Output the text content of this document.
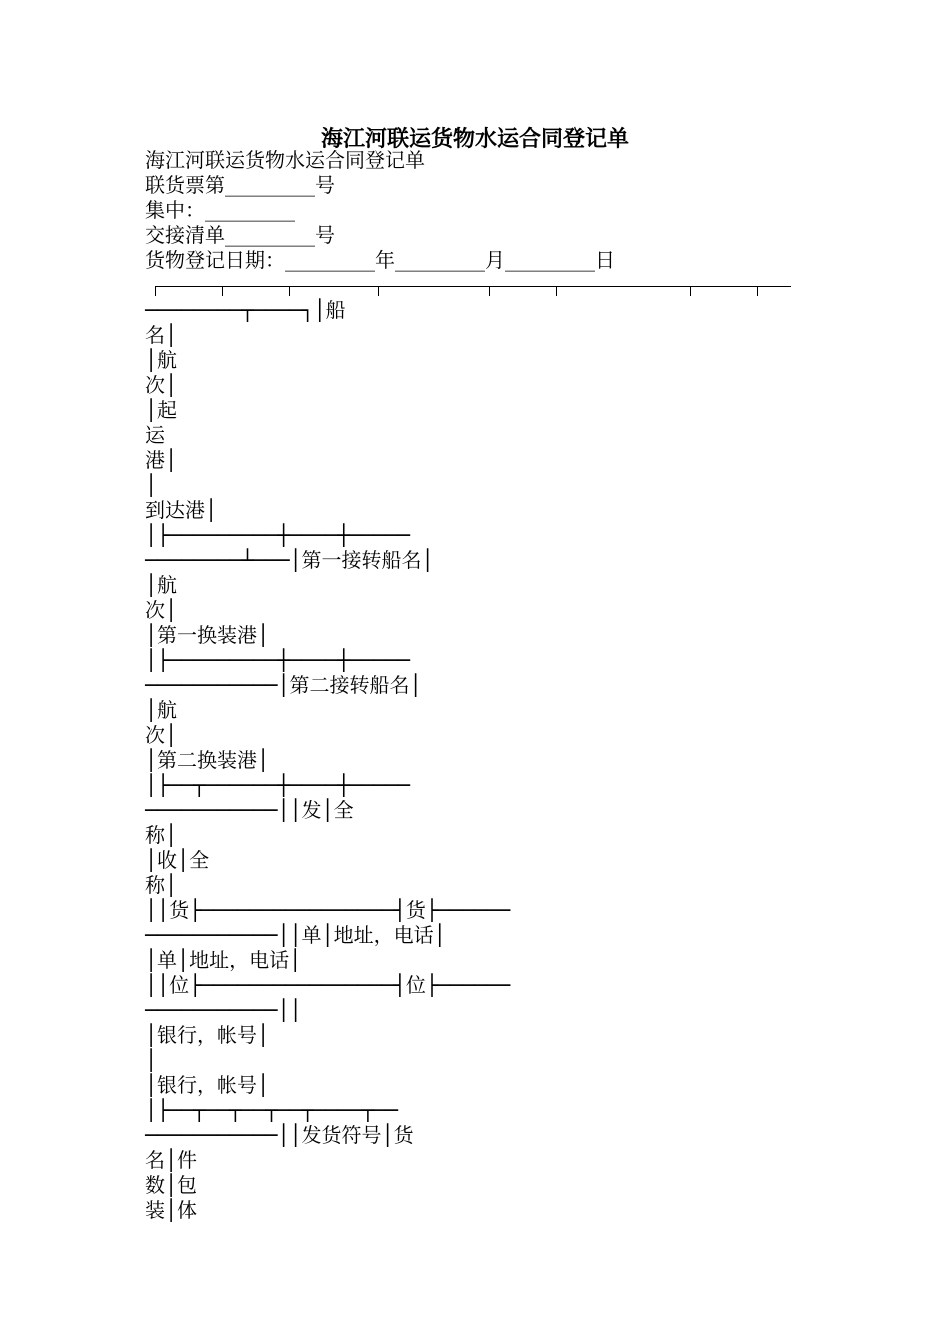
海江河联运货物水运合同登记单
海江河联运货物水运合同登记单
联货票第_________号
集中：_________
交接清单_________号
货物登记日期：_________年_________月_________日
────────┬────┐│船
名│
│航
次│
│起
运
港│
│
到达港│
│├─────────┼────┼─────
────────┴───│第一接转船名│
│航
次│
│第一换装港│
│├─────────┼────┼─────
───────────│第二接转船名│
│航
次│
│第二换装港│
│├──┬──────┼────┼─────
───────────││发│全
称│
│收│全
称│
││货├────────────────┤货├──────
───────────││单│地址，电话│
│单│地址，电话│
││位├────────────────┤位├──────
───────────││
│银行，帐号│
│
│银行，帐号│
│├──┬──┬──┬──┬────┬──
───────────││发货符号│货
名│件
数│包
装│体
